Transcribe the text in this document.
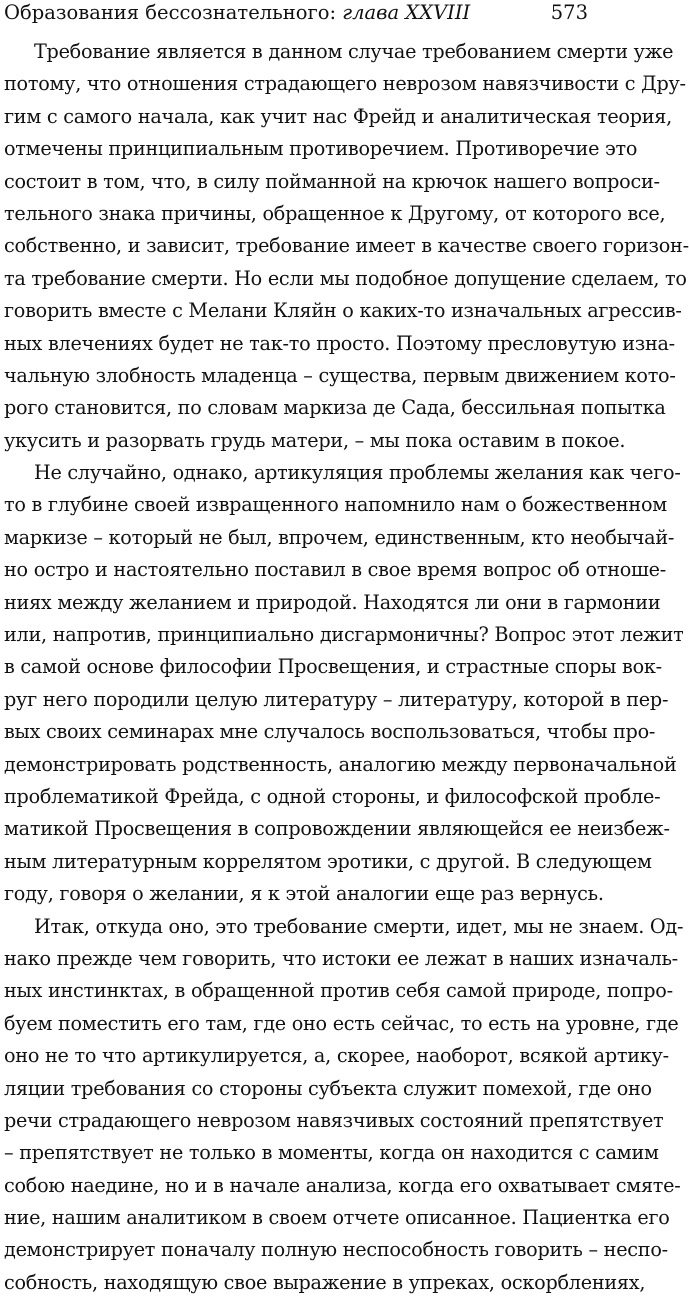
Образования бессознательного: глава XXVIII	573
Требование является в данном случае требованием смерти уже
потому, что отношения страдающего неврозом навязчивости с Дру-
гим с самого начала, как учит нас Фрейд и аналитическая теория,
отмечены принципиальным противоречием. Противоречие это
состоит в том, что, в силу пойманной на крючок нашего вопроси-
тельного знака причины, обращенное к Другому, от которого все,
собственно, и зависит, требование имеет в качестве своего горизон-
та требование смерти. Но если мы подобное допущение сделаем, то
говорить вместе с Мелани Кляйн о каких-то изначальных агрессив-
ных влечениях будет не так-то просто. Поэтому пресловутую изна-
чальную злобность младенца – существа, первым движением кото-
рого становится, по словам маркиза де Сада, бессильная попытка
укусить и разорвать грудь матери, – мы пока оставим в покое.
Не случайно, однако, артикуляция проблемы желания как чего-
то в глубине своей извращенного напомнило нам о божественном
маркизе – который не был, впрочем, единственным, кто необычай-
но остро и настоятельно поставил в свое время вопрос об отноше-
ниях между желанием и природой. Находятся ли они в гармонии
или, напротив, принципиально дисгармоничны? Вопрос этот лежит
в самой основе философии Просвещения, и страстные споры вок-
руг него породили целую литературу – литературу, которой в пер-
вых своих семинарах мне случалось воспользоваться, чтобы про-
демонстрировать родственность, аналогию между первоначальной
проблематикой Фрейда, с одной стороны, и философской пробле-
матикой Просвещения в сопровождении являющейся ее неизбеж-
ным литературным коррелятом эротики, с другой. В следующем
году, говоря о желании, я к этой аналогии еще раз вернусь.
Итак, откуда оно, это требование смерти, идет, мы не знаем. Од-
нако прежде чем говорить, что истоки ее лежат в наших изначаль-
ных инстинктах, в обращенной против себя самой природе, попро-
буем поместить его там, где оно есть сейчас, то есть на уровне, где
оно не то что артикулируется, а, скорее, наоборот, всякой артику-
ляции требования со стороны субъекта служит помехой, где оно
речи страдающего неврозом навязчивых состояний препятствует
– препятствует не только в моменты, когда он находится с самим
собою наедине, но и в начале анализа, когда его охватывает смяте-
ние, нашим аналитиком в своем отчете описанное. Пациентка его
демонстрирует поначалу полную неспособность говорить – неспо-
собность, находящую свое выражение в упреках, оскорблениях,
